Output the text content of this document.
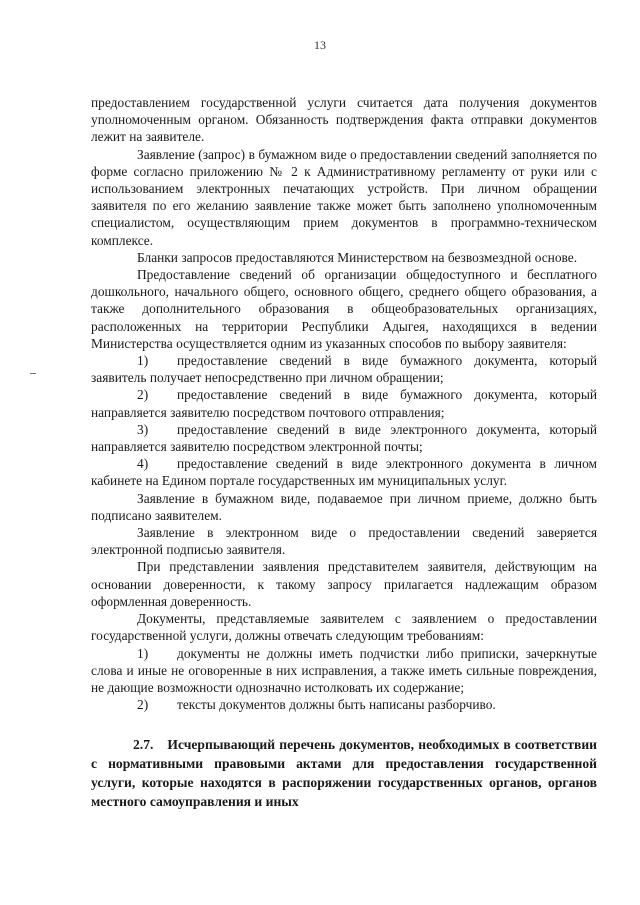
13

предоставлением государственной услуги считается дата получения документов уполномоченным органом. Обязанность подтверждения факта отправки документов лежит на заявителе.

Заявление (запрос) в бумажном виде о предоставлении сведений заполняется по форме согласно приложению № 2 к Административному регламенту от руки или с использованием электронных печатающих устройств. При личном обращении заявителя по его желанию заявление также может быть заполнено уполномоченным специалистом, осуществляющим прием документов в программно-техническом комплексе.

Бланки запросов предоставляются Министерством на безвозмездной основе.

Предоставление сведений об организации общедоступного и бесплатного дошкольного, начального общего, основного общего, среднего общего образования, а также дополнительного образования в общеобразовательных организациях, расположенных на территории Республики Адыгея, находящихся в ведении Министерства осуществляется одним из указанных способов по выбору заявителя:

1) предоставление сведений в виде бумажного документа, который заявитель получает непосредственно при личном обращении;

2) предоставление сведений в виде бумажного документа, который направляется заявителю посредством почтового отправления;

3) предоставление сведений в виде электронного документа, который направляется заявителю посредством электронной почты;

4) предоставление сведений в виде электронного документа в личном кабинете на Едином портале государственных им муниципальных услуг.

Заявление в бумажном виде, подаваемое при личном приеме, должно быть подписано заявителем.

Заявление в электронном виде о предоставлении сведений заверяется электронной подписью заявителя.

При представлении заявления представителем заявителя, действующим на основании доверенности, к такому запросу прилагается надлежащим образом оформленная доверенность.

Документы, представляемые заявителем с заявлением о предоставлении государственной услуги, должны отвечать следующим требованиям:

1) документы не должны иметь подчистки либо приписки, зачеркнутые слова и иные не оговоренные в них исправления, а также иметь сильные повреждения, не дающие возможности однозначно истолковать их содержание;

2) тексты документов должны быть написаны разборчиво.

2.7. Исчерпывающий перечень документов, необходимых в соответствии с нормативными правовыми актами для предоставления государственной услуги, которые находятся в распоряжении государственных органов, органов местного самоуправления и иных
